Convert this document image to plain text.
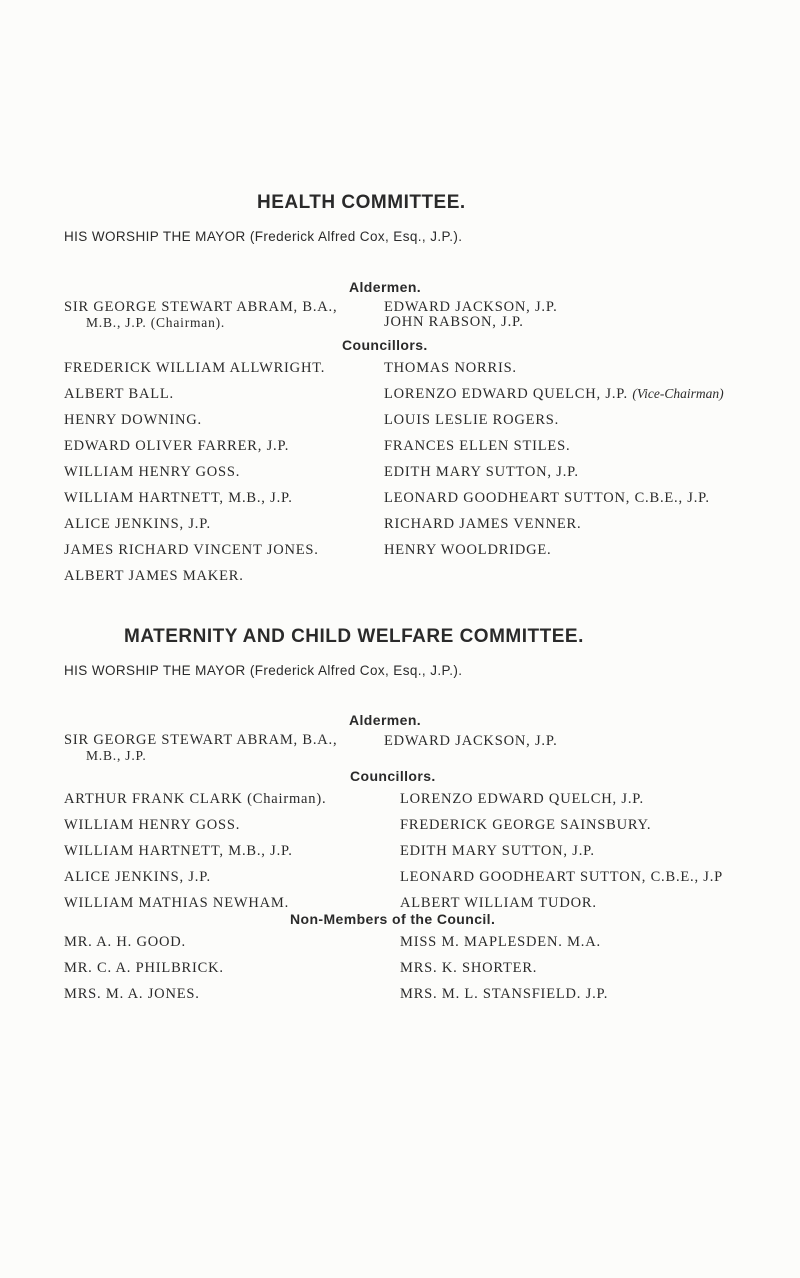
HEALTH COMMITTEE.
HIS WORSHIP THE MAYOR (Frederick Alfred Cox, Esq., J.P.).
Aldermen.
SIR GEORGE STEWART ABRAM, B.A.,
M.B., J.P. (Chairman).
EDWARD JACKSON, J.P.
JOHN RABSON, J.P.
Councillors.
FREDERICK WILLIAM ALLWRIGHT.
ALBERT BALL.
HENRY DOWNING.
EDWARD OLIVER FARRER, J.P.
WILLIAM HENRY GOSS.
WILLIAM HARTNETT, M.B., J.P.
ALICE JENKINS, J.P.
JAMES RICHARD VINCENT JONES.
ALBERT JAMES MAKER.
THOMAS NORRIS.
LORENZO EDWARD QUELCH, J.P. (Vice-Chairman)
LOUIS LESLIE ROGERS.
FRANCES ELLEN STILES.
EDITH MARY SUTTON, J.P.
LEONARD GOODHEART SUTTON, C.B.E., J.P.
RICHARD JAMES VENNER.
HENRY WOOLDRIDGE.
MATERNITY AND CHILD WELFARE COMMITTEE.
HIS WORSHIP THE MAYOR (Frederick Alfred Cox, Esq., J.P.).
Aldermen.
SIR GEORGE STEWART ABRAM, B.A.,
M.B., J.P.
EDWARD JACKSON, J.P.
Councillors.
ARTHUR FRANK CLARK (Chairman).
WILLIAM HENRY GOSS.
WILLIAM HARTNETT, M.B., J.P.
ALICE JENKINS, J.P.
WILLIAM MATHIAS NEWHAM.
LORENZO EDWARD QUELCH, J.P.
FREDERICK GEORGE SAINSBURY.
EDITH MARY SUTTON, J.P.
LEONARD GOODHEART SUTTON, C.B.E., J.P
ALBERT WILLIAM TUDOR.
Non-Members of the Council.
MR. A. H. GOOD.
MR. C. A. PHILBRICK.
MRS. M. A. JONES.
MISS M. MAPLESDEN. M.A.
MRS. K. SHORTER.
MRS. M. L. STANSFIELD. J.P.
